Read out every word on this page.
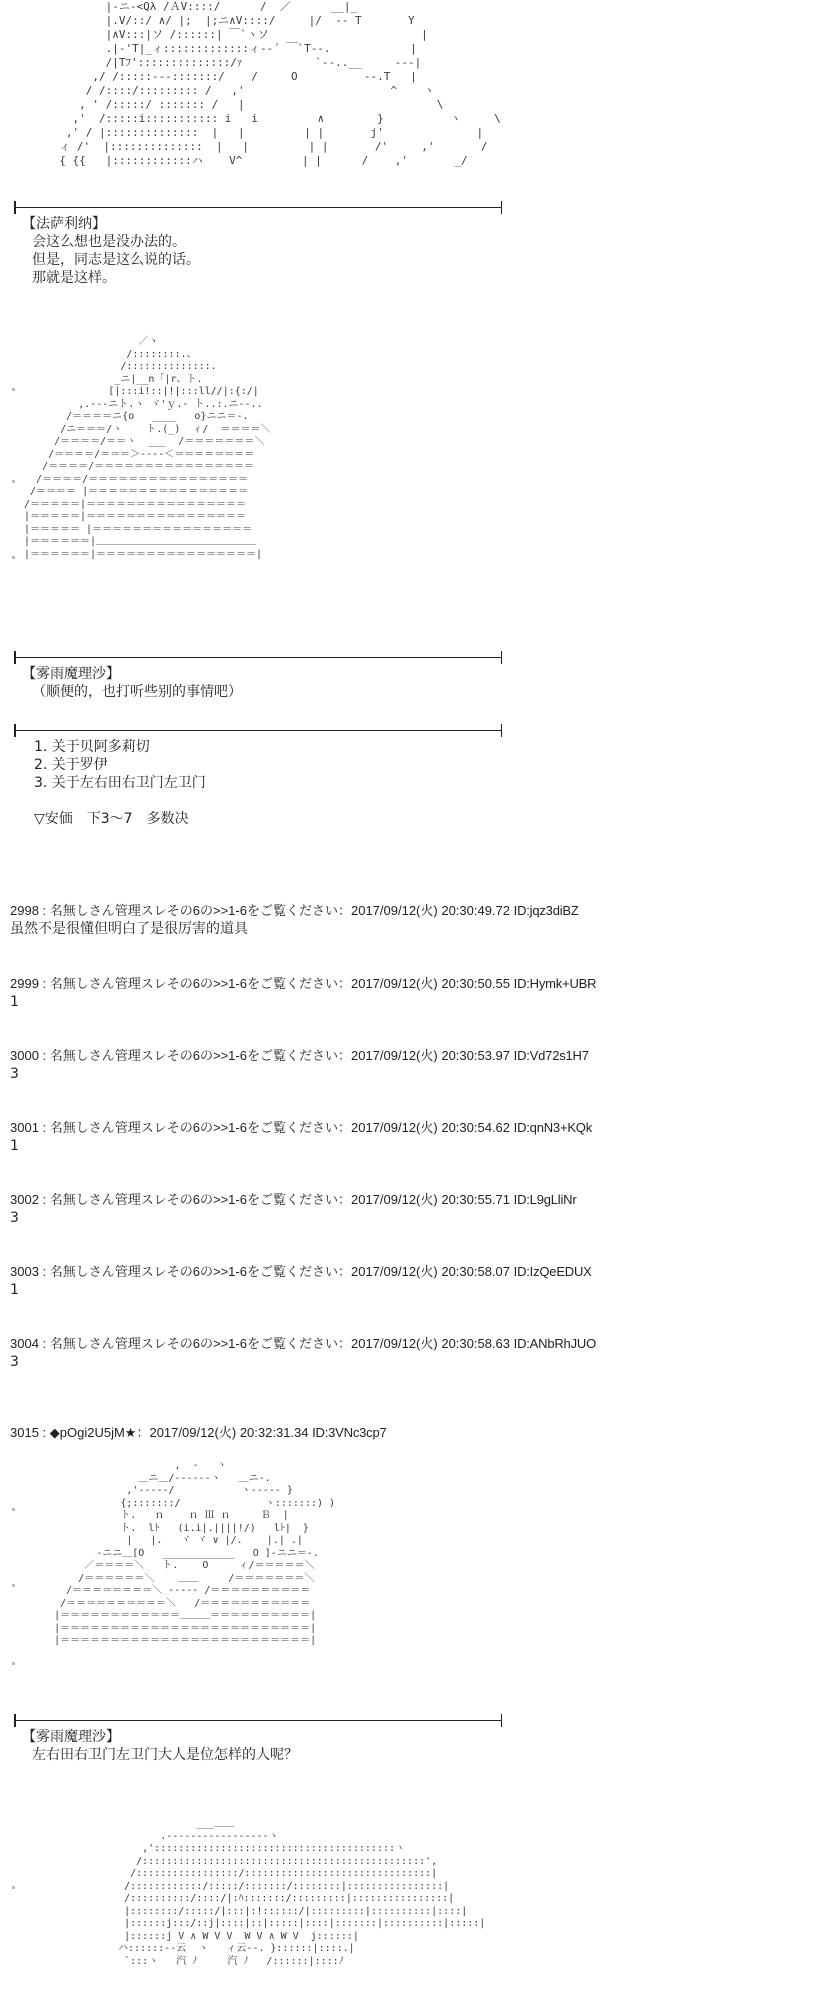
|‐ニ‐<Qλ /ＡV::::/      /  ／      __|_
|.V/::/ ∧/ |;  |;ニ∧V::::/     |/  ‐‐ T       Y
|∧V:::|ソ /::::::| ￣`ヽソ                       |
.|‐'T|_ィ:::::::::::::ィ‐‐´ ￣`T‐‐.            |
/|Tﾌ'::::::::::::::/ｧ           `‐‐..__     ‐‐‐|
,/ /:::::‐‐‐:::::::/    /     O          ‐‐.T   |
/ /::::/::::::::: /   ,'                      ^    ヽ
, ' /:::::/ ::::::: /   |                             \
,'  /:::::i::::::::::: i   i         ∧        }          ヽ     \
,' / |::::::::::::::  |   |         | |       j'              |
ィ /'  |::::::::::::::  |   |         | |       /'     ,'       /
{ {{   |::::::::::::ハ    V^         | |      /    ,'       _/
【法萨利纳】
会这么想也是没办法的。
但是，同志是这么说的话。
那就是这样。
／ヽ
/::::::::.、
/::::::::::::::.
_ニ|__n「|r、ト.
[|:::i!::|!|:::ll//|:{:/|
,.‐‐‐ニト.ヽ ヾ'ｙ.‐ ト..:.ニ‐‐..
/＝＝＝＝ニ{o   ____   o}ニニ＝‐.
/ニ＝＝＝/ヽ    ト.(_)  ィ/  ＝＝＝＝＼
/＝＝＝＝/＝＝ヽ  ___  /＝＝＝＝＝＝＝＼
/＝＝＝＝/＝＝＝＞‐‐‐‐＜＝＝＝＝＝＝＝＝
/＝＝＝＝/＝＝＝＝＝＝＝＝＝＝＝＝＝＝＝＝
/＝＝＝＝/＝＝＝＝＝＝＝＝＝＝＝＝＝＝＝＝
/＝＝＝＝ |＝＝＝＝＝＝＝＝＝＝＝＝＝＝＝＝
/＝＝＝＝＝|＝＝＝＝＝＝＝＝＝＝＝＝＝＝＝＝
|＝＝＝＝＝|＝＝＝＝＝＝＝＝＝＝＝＝＝＝＝＝
|＝＝＝＝＝ |＝＝＝＝＝＝＝＝＝＝＝＝＝＝＝＝
|＝＝＝＝＝＝|＿＿＿＿＿＿＿＿＿＿＿＿＿＿＿＿
|＝＝＝＝＝＝|＝＝＝＝＝＝＝＝＝＝＝＝＝＝＝＝|
【雾雨魔理沙】
（顺便的，也打听些别的事情吧）
1. 关于贝阿多莉切
2. 关于罗伊
3. 关于左右田右卫门左卫门
▽安価　下3～7　多数决
2998 : 名無しさん管理スレその6の>>1-6をご覧ください：2017/09/12(火) 20:30:49.72 ID:jqz3diBZ
虽然不是很懂但明白了是很厉害的道具
2999 : 名無しさん管理スレその6の>>1-6をご覧ください：2017/09/12(火) 20:30:50.55 ID:Hymk+UBR
1
3000 : 名無しさん管理スレその6の>>1-6をご覧ください：2017/09/12(火) 20:30:53.97 ID:Vd72s1H7
3
3001 : 名無しさん管理スレその6の>>1-6をご覧ください：2017/09/12(火) 20:30:54.62 ID:qnN3+KQk
1
3002 : 名無しさん管理スレその6の>>1-6をご覧ください：2017/09/12(火) 20:30:55.71 ID:L9gLliNr
3
3003 : 名無しさん管理スレその6の>>1-6をご覧ください：2017/09/12(火) 20:30:58.07 ID:IzQeEDUX
1
3004 : 名無しさん管理スレその6の>>1-6をご覧ください：2017/09/12(火) 20:30:58.63 ID:ANbRhJUO
3
3015 : ◆pOgi2U5jM★：2017/09/12(火) 20:32:31.34 ID:3VNc3cp7
,  ‐   ヽ
＿ニ＿/‐‐‐‐‐‐ヽ   ＿ニ‐.
,'‐‐‐‐‐/           ヽ‐‐‐‐‐ }
{;:::::::/              ヽ:::::::) )
ト.   ｎ    ｎ Ⅲ ｎ     Ｂ  |
ト.  lﾄ   (i.i|.||||!/)   lﾄ|  }
|   |.   ヾ ヾ ∨ |/.    |.| .|
‐ニニ＿[O   ____________   O ]‐ニニ＝‐.
／＝＝＝＝＼   ト.    O     ィ/＝＝＝＝＝＼
/＝＝＝＝＝＝＼    ＿＿     /＝＝＝＝＝＝＝＼
/＝＝＝＝＝＝＝＝＼ ‐‐‐‐‐ /＝＝＝＝＝＝＝＝＝＝
/＝＝＝＝＝＝＝＝＝＝＼   /＝＝＝＝＝＝＝＝＝＝＝
|＝＝＝＝＝＝＝＝＝＝＝＝＿＿＿＝＝＝＝＝＝＝＝＝＝|
|＝＝＝＝＝＝＝＝＝＝＝＝＝＝＝＝＝＝＝＝＝＝＝＝＝|
|＝＝＝＝＝＝＝＝＝＝＝＝＝＝＝＝＝＝＝＝＝＝＝＝＝|
【雾雨魔理沙】
左右田右卫门左卫门大人是位怎样的人呢？
___＿＿
.‐‐‐‐‐‐‐‐‐‐‐‐‐‐‐‐‐ヽ
,'::::::::::::::::::::::::::::::::::::::::ヽ
/:::::::::::::::::::::::::::::::::::::::::::::::',
/:::::::::::::::::/:::::::::::::::::::::::::::::::|
/::::::::::::/:::::/:::::::/::::::::|::::::::::::::::|
/::::::::::/::::/|:ﾊ:::::::/:::::::::|::::::::::::::::|
|::::::::/:::::/|:::|:!::::::/|:::::::::|::::::::::|::::|
|::::::j:::/::j|::::|::|:::::|::::|:::::::|::::::::::|:::::|
|::::::j V ∧ W V V  W V ∧ W V  j::::::|
ハ::::::‐‐云  ヽ   ィ云‐‐. }::::::|::::.|
`:::ヽ   汽 ﾉ     汽 ﾉ   /::::::|::::ﾉ
